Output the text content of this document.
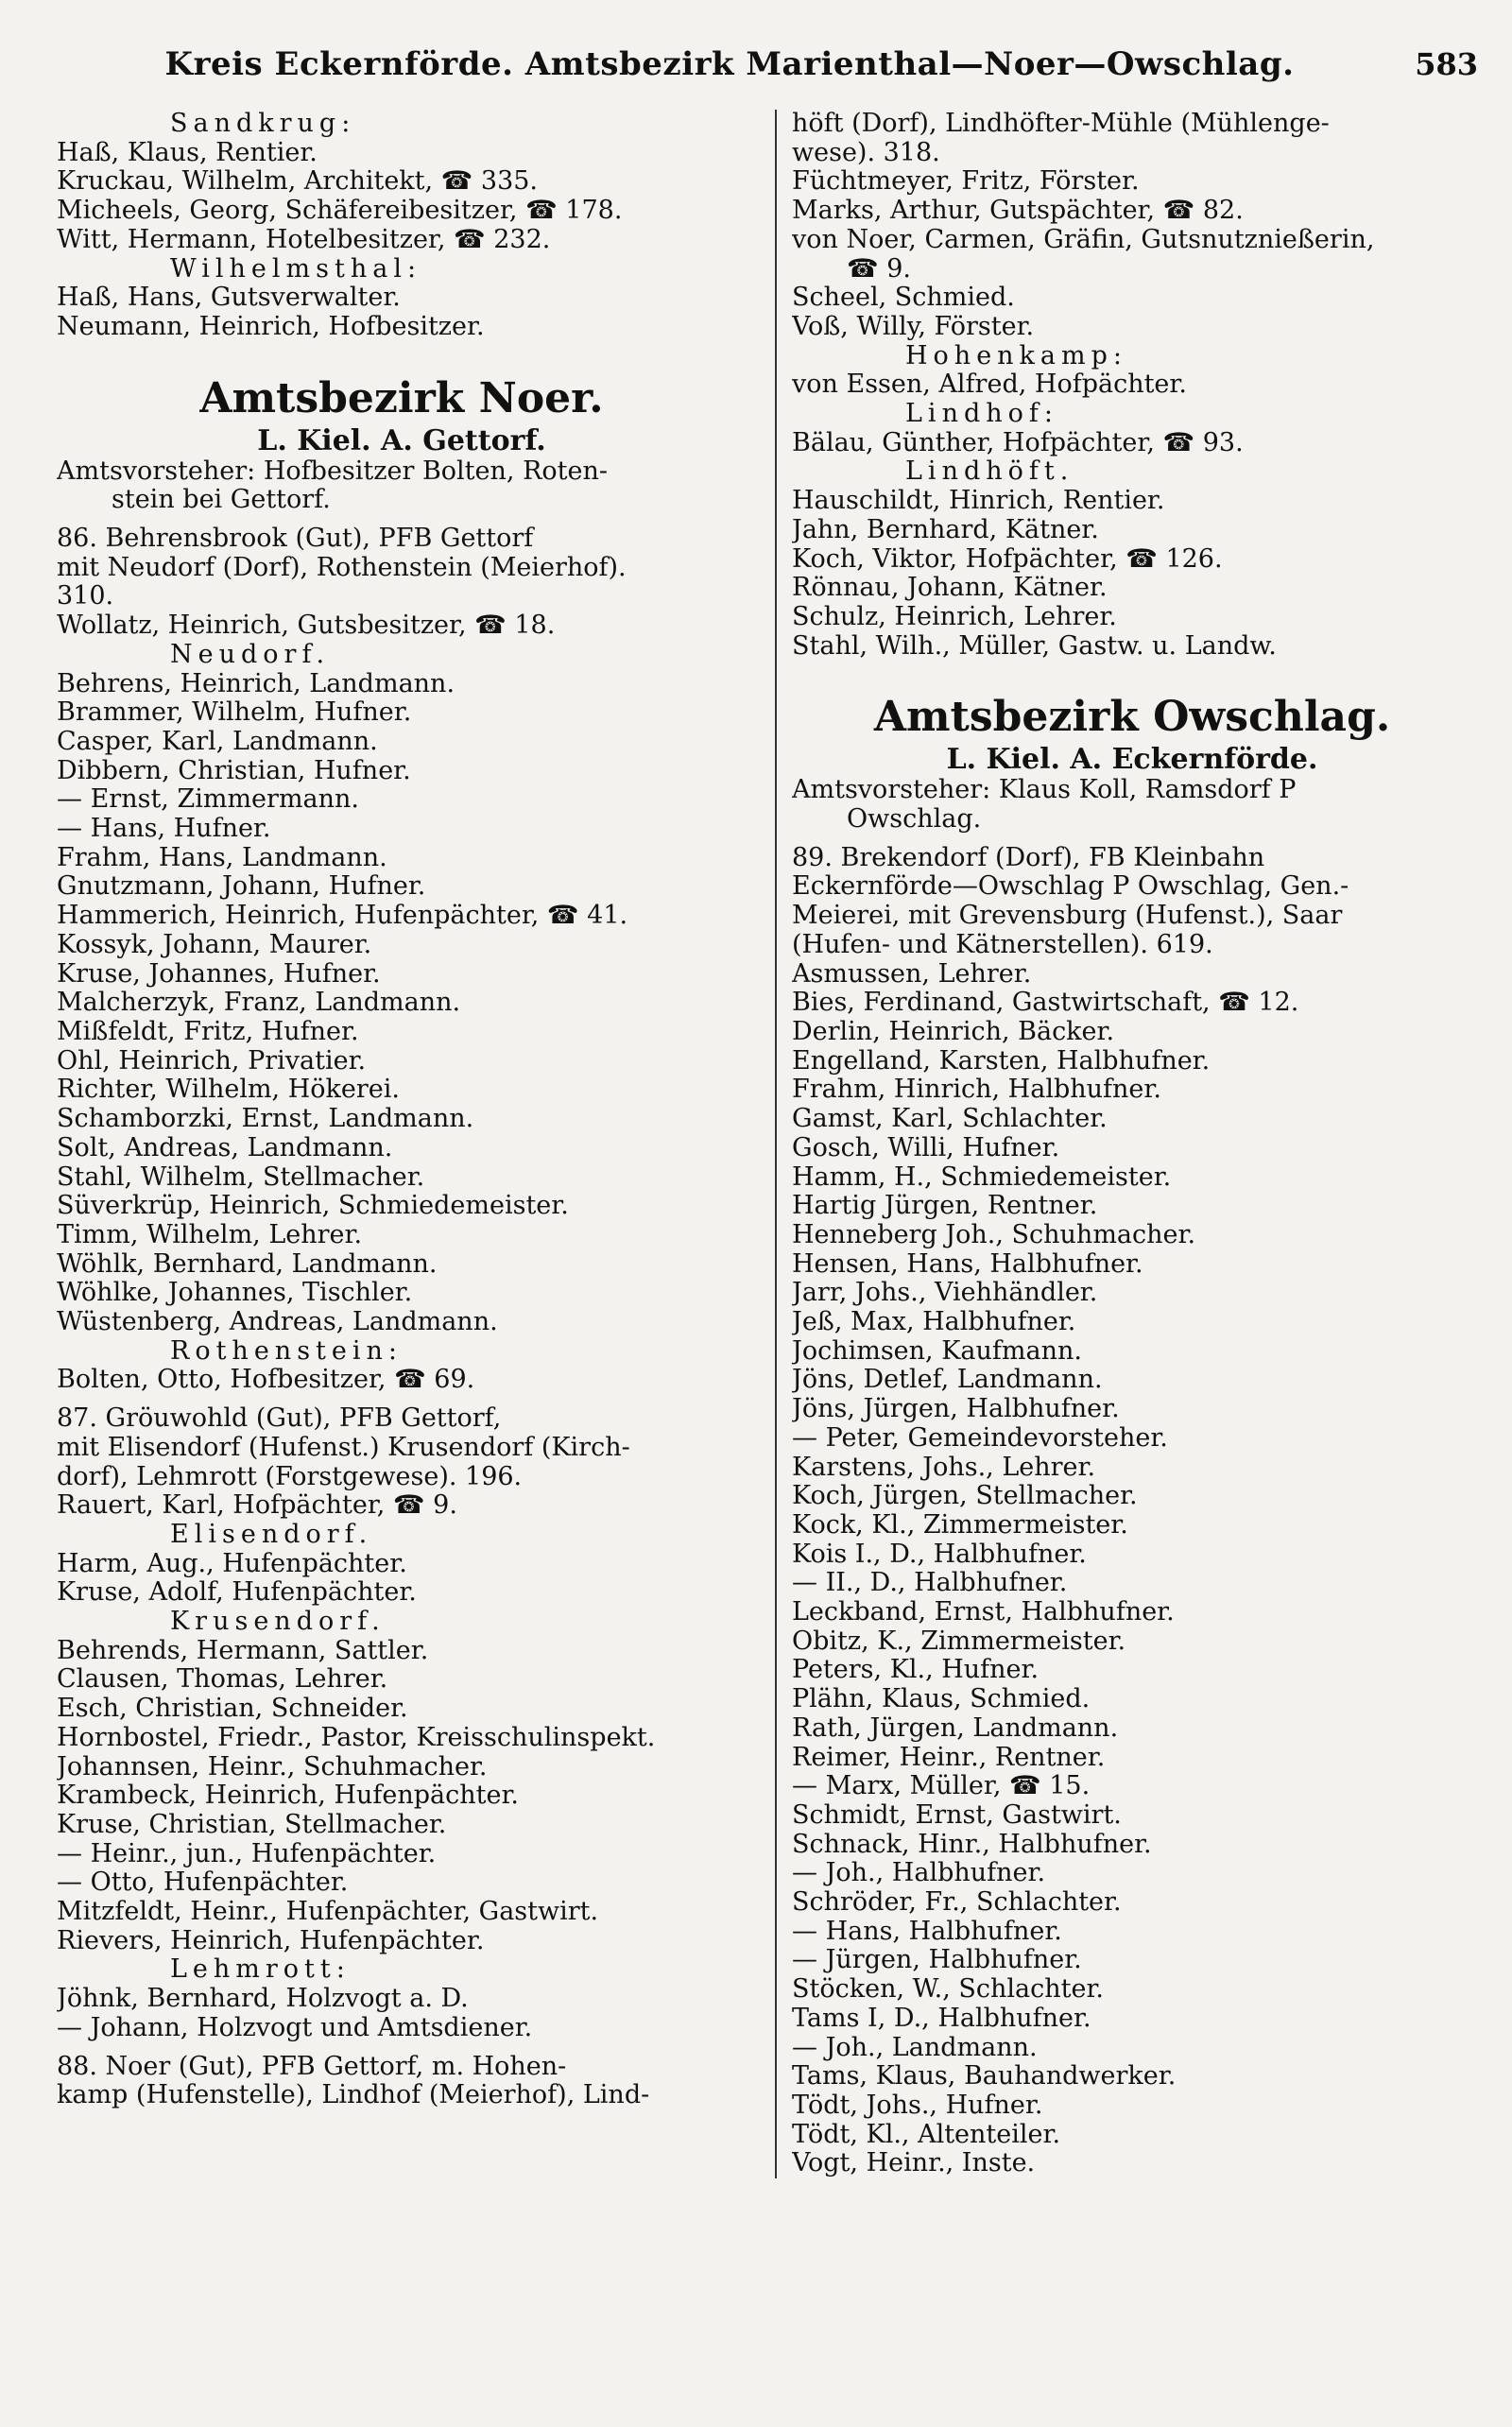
Kreis Eckernförde. Amtsbezirk Marienthal—Noer—Owschlag.	583
Sandkrug:
Haß, Klaus, Rentier.
Kruckau, Wilhelm, Architekt, ☎ 335.
Micheels, Georg, Schäfereibesitzer, ☎ 178.
Witt, Hermann, Hotelbesitzer, ☎ 232.
Wilhelmsthal:
Haß, Hans, Gutsverwalter.
Neumann, Heinrich, Hofbesitzer.
Amtsbezirk Noer.
L. Kiel. A. Gettorf.
Amtsvorsteher: Hofbesitzer Bolten, Roten-
stein bei Gettorf.
86. Behrensbrook (Gut), PFB Gettorf
mit Neudorf (Dorf), Rothenstein (Meierhof).
310.
Wollatz, Heinrich, Gutsbesitzer, ☎ 18.
Neudorf.
Behrens, Heinrich, Landmann.
Brammer, Wilhelm, Hufner.
Casper, Karl, Landmann.
Dibbern, Christian, Hufner.
— Ernst, Zimmermann.
— Hans, Hufner.
Frahm, Hans, Landmann.
Gnutzmann, Johann, Hufner.
Hammerich, Heinrich, Hufenpächter, ☎ 41.
Kossyk, Johann, Maurer.
Kruse, Johannes, Hufner.
Malcherzyk, Franz, Landmann.
Mißfeldt, Fritz, Hufner.
Ohl, Heinrich, Privatier.
Richter, Wilhelm, Hökerei.
Schamborzki, Ernst, Landmann.
Solt, Andreas, Landmann.
Stahl, Wilhelm, Stellmacher.
Süverkrüp, Heinrich, Schmiedemeister.
Timm, Wilhelm, Lehrer.
Wöhlk, Bernhard, Landmann.
Wöhlke, Johannes, Tischler.
Wüstenberg, Andreas, Landmann.
Rothenstein:
Bolten, Otto, Hofbesitzer, ☎ 69.
87. Gröuwohld (Gut), PFB Gettorf,
mit Elisendorf (Hufenst.) Krusendorf (Kirch-
dorf), Lehmrott (Forstgewese). 196.
Rauert, Karl, Hofpächter, ☎ 9.
Elisendorf.
Harm, Aug., Hufenpächter.
Kruse, Adolf, Hufenpächter.
Krusendorf.
Behrends, Hermann, Sattler.
Clausen, Thomas, Lehrer.
Esch, Christian, Schneider.
Hornbostel, Friedr., Pastor, Kreisschulinspekt.
Johannsen, Heinr., Schuhmacher.
Krambeck, Heinrich, Hufenpächter.
Kruse, Christian, Stellmacher.
— Heinr., jun., Hufenpächter.
— Otto, Hufenpächter.
Mitzfeldt, Heinr., Hufenpächter, Gastwirt.
Rievers, Heinrich, Hufenpächter.
Lehmrott:
Jöhnk, Bernhard, Holzvogt a. D.
— Johann, Holzvogt und Amtsdiener.
88. Noer (Gut), PFB Gettorf, m. Hohen-
kamp (Hufenstelle), Lindhof (Meierhof), Lind-
höft (Dorf), Lindhöfter-Mühle (Mühlenge-
wese). 318.
Füchtmeyer, Fritz, Förster.
Marks, Arthur, Gutspächter, ☎ 82.
von Noer, Carmen, Gräfin, Gutsnutznießerin,
☎ 9.
Scheel, Schmied.
Voß, Willy, Förster.
Hohenkamp:
von Essen, Alfred, Hofpächter.
Lindhof:
Bälau, Günther, Hofpächter, ☎ 93.
Lindhöft.
Hauschildt, Hinrich, Rentier.
Jahn, Bernhard, Kätner.
Koch, Viktor, Hofpächter, ☎ 126.
Rönnau, Johann, Kätner.
Schulz, Heinrich, Lehrer.
Stahl, Wilh., Müller, Gastw. u. Landw.
Amtsbezirk Owschlag.
L. Kiel. A. Eckernförde.
Amtsvorsteher: Klaus Koll, Ramsdorf P
Owschlag.
89. Brekendorf (Dorf), FB Kleinbahn
Eckernförde—Owschlag P Owschlag, Gen.-
Meierei, mit Grevensburg (Hufenst.), Saar
(Hufen- und Kätnerstellen). 619.
Asmussen, Lehrer.
Bies, Ferdinand, Gastwirtschaft, ☎ 12.
Derlin, Heinrich, Bäcker.
Engelland, Karsten, Halbhufner.
Frahm, Hinrich, Halbhufner.
Gamst, Karl, Schlachter.
Gosch, Willi, Hufner.
Hamm, H., Schmiedemeister.
Hartig Jürgen, Rentner.
Henneberg Joh., Schuhmacher.
Hensen, Hans, Halbhufner.
Jarr, Johs., Viehhändler.
Jeß, Max, Halbhufner.
Jochimsen, Kaufmann.
Jöns, Detlef, Landmann.
Jöns, Jürgen, Halbhufner.
— Peter, Gemeindevorsteher.
Karstens, Johs., Lehrer.
Koch, Jürgen, Stellmacher.
Kock, Kl., Zimmermeister.
Kois I., D., Halbhufner.
— II., D., Halbhufner.
Leckband, Ernst, Halbhufner.
Obitz, K., Zimmermeister.
Peters, Kl., Hufner.
Plähn, Klaus, Schmied.
Rath, Jürgen, Landmann.
Reimer, Heinr., Rentner.
— Marx, Müller, ☎ 15.
Schmidt, Ernst, Gastwirt.
Schnack, Hinr., Halbhufner.
— Joh., Halbhufner.
Schröder, Fr., Schlachter.
— Hans, Halbhufner.
— Jürgen, Halbhufner.
Stöcken, W., Schlachter.
Tams I, D., Halbhufner.
— Joh., Landmann.
Tams, Klaus, Bauhandwerker.
Tödt, Johs., Hufner.
Tödt, Kl., Altenteiler.
Vogt, Heinr., Inste.
